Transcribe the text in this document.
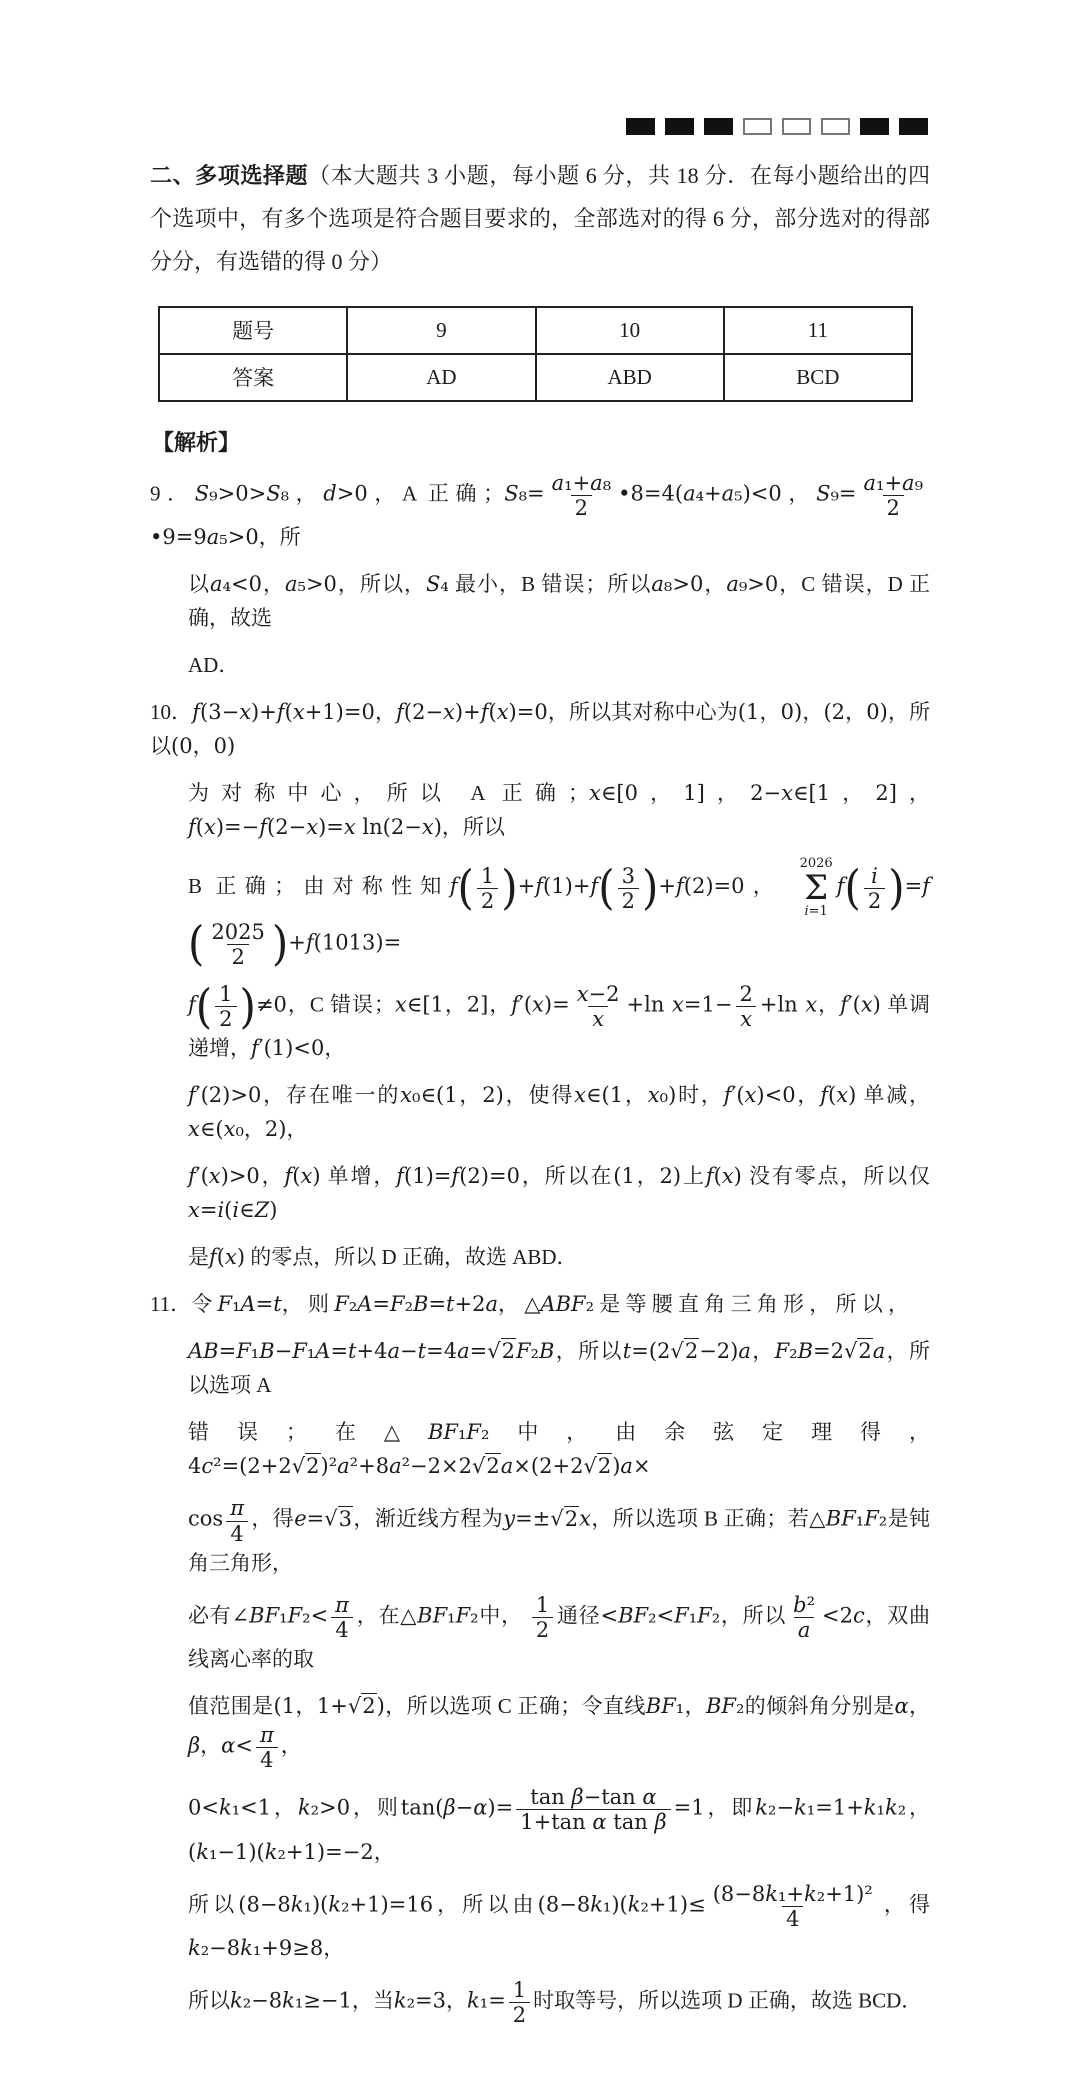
二、多项选择题（本大题共 3 小题，每小题 6 分，共 18 分．在每小题给出的四个选项中，有多个选项是符合题目要求的，全部选对的得 6 分，部分选对的得部分分，有选错的得 0 分）
题号	9	10	11
答案	AD	ABD	BCD
【解析】
9．S₉>0>S₈，d>0，A 正确；$S_8= \frac{\text{a₁+a₈}}{2}$ •8=4(a₄+a₅)<0，$S_9= \frac{\text{a₁+a₉}}{2}$
•9=9a₅>0，所
以a₄<0，a₅>0，所以，S₄ 最小，B 错误；所以a₈>0，a₉>0，C 错误，D 正确，故选
AD．
10．f(3−x)+f(x+1)=0，f(2−x)+f(x)=0，所以其对称中心为(1，0)，(2，0)，所以(0，0)
为对称中心，所以 A 正确；x∈[0，1]，2−x∈[1，2]，f(x)=−f(2−x)=x ln(2−x)，所以
B 正确；由对称性知f ( $\frac{1}{2}$ ) +f(1)+f ( $\frac{3}{2}$ ) +f(2)=0，
2026
Σ
i=1
f ( $\frac{i}{2}$ ) =f
( $\frac{2025}{2}$ ) +f(1013)=
f ( $\frac{1}{2}$ ) ≠0，C 错误；x∈[1，2]，$f'(x)= \frac{x-2}{x} +\ln$ $x=1- \frac{2}{x} +\ln$ x，f′(x) 单调递增，f′(1)<0，
f′(2)>0，存在唯一的x₀∈(1，2)，使得x∈(1，x₀)时，f′(x)<0，f(x) 单减，x∈(x₀，2)，
f′(x)>0，f(x) 单增，f(1)=f(2)=0，所以在(1，2)上f(x) 没有零点，所以仅x=i(i∈Z)
是f(x) 的零点，所以 D 正确，故选 ABD．
11．令 F₁A=t， 则 F₂A=F₂B=t+2a， △ABF₂ 是 等 腰 直 角 三 角 形 ， 所 以 ，
AB=F₁B−F₁A=t+4a−t=4a=√2F₂B，所以t=(2√2−2)a，F₂B=2√2a，所以选项 A
错误；在△BF₁F₂中，由余弦定理得， 4c²=(2+2√2)²a²+8a²−2×2√2a×(2+2√2)a×
$\cos \frac{\pi}{4}$ ，得e=√3，渐近线方程为y=±√2x，所以选项 B 正确；若△BF₁F₂是钝角三角形，
必有∠BF₁F₂< $\frac{\pi}{4}$ ，在△BF₁F₂中， $\frac{1}{2}$ 通径<BF₂<F₁F₂，所以 $\frac{\text{b²}}{a} <2c$，双曲线离心率的取
值范围是(1，1+√2)，所以选项 C 正确；令直线BF₁，BF₂的倾斜角分别是α，β，$\alpha< \frac{\pi}{4}$ ，
0<k₁<1，k₂>0，则$\tan(\beta-\alpha)= \frac{\text{tan β−tan α}}{\text{1+tan α tan β}} =1$，即k₂−k₁=1+k₁k₂，(k₁−1)(k₂+1)=−2，
所以(8−8k₁)(k₂+1)=16，所以由$(8-8k_1)(k_2+1)\le \frac{\text{(8−8k₁+k₂+1)²}}{4}$ ，得k₂−8k₁+9≥8，
所以k₂−8k₁≥−1，当k₂=3，$k_1= \frac{1}{2}$ 时取等号，所以选项 D 正确，故选 BCD．
